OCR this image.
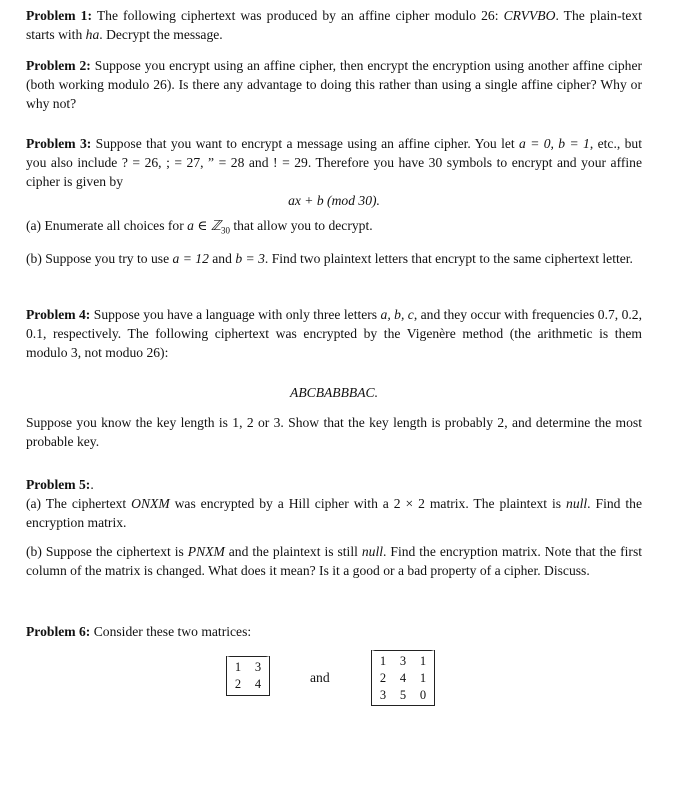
Problem 1: The following ciphertext was produced by an affine cipher modulo 26: CRVVBO. The plain-text starts with ha. Decrypt the message.

Problem 2: Suppose you encrypt using an affine cipher, then encrypt the encryption using another affine cipher (both working modulo 26). Is there any advantage to doing this rather than using a single affine cipher? Why or why not?

Problem 3: Suppose that you want to encrypt a message using an affine cipher. You let a = 0, b = 1, etc., but you also include ? = 26, ; = 27, ” = 28 and ! = 29. Therefore you have 30 symbols to encrypt and your affine cipher is given by

ax + b (mod 30).

(a) Enumerate all choices for a ∈ ℤ$_{30}$ that allow you to decrypt.

(b) Suppose you try to use a = 12 and b = 3. Find two plaintext letters that encrypt to the same ciphertext letter.

Problem 4: Suppose you have a language with only three letters a, b, c, and they occur with frequencies 0.7, 0.2, 0.1, respectively. The following ciphertext was encrypted by the Vigenère method (the arithmetic is them modulo 3, not moduo 26):

ABCBABBBAC.

Suppose you know the key length is 1, 2 or 3. Show that the key length is probably 2, and determine the most probable key.

Problem 5:.

(a) The ciphertext ONXM was encrypted by a Hill cipher with a 2 × 2 matrix. The plaintext is null. Find the encryption matrix.

(b) Suppose the ciphertext is PNXM and the plaintext is still null. Find the encryption matrix. Note that the first column of the matrix is changed. What does it mean? Is it a good or a bad property of a cipher. Discuss.

Problem 6: Consider these two matrices:

1	3
2	4	and
1	3	1
2	4	1
3	5	0
